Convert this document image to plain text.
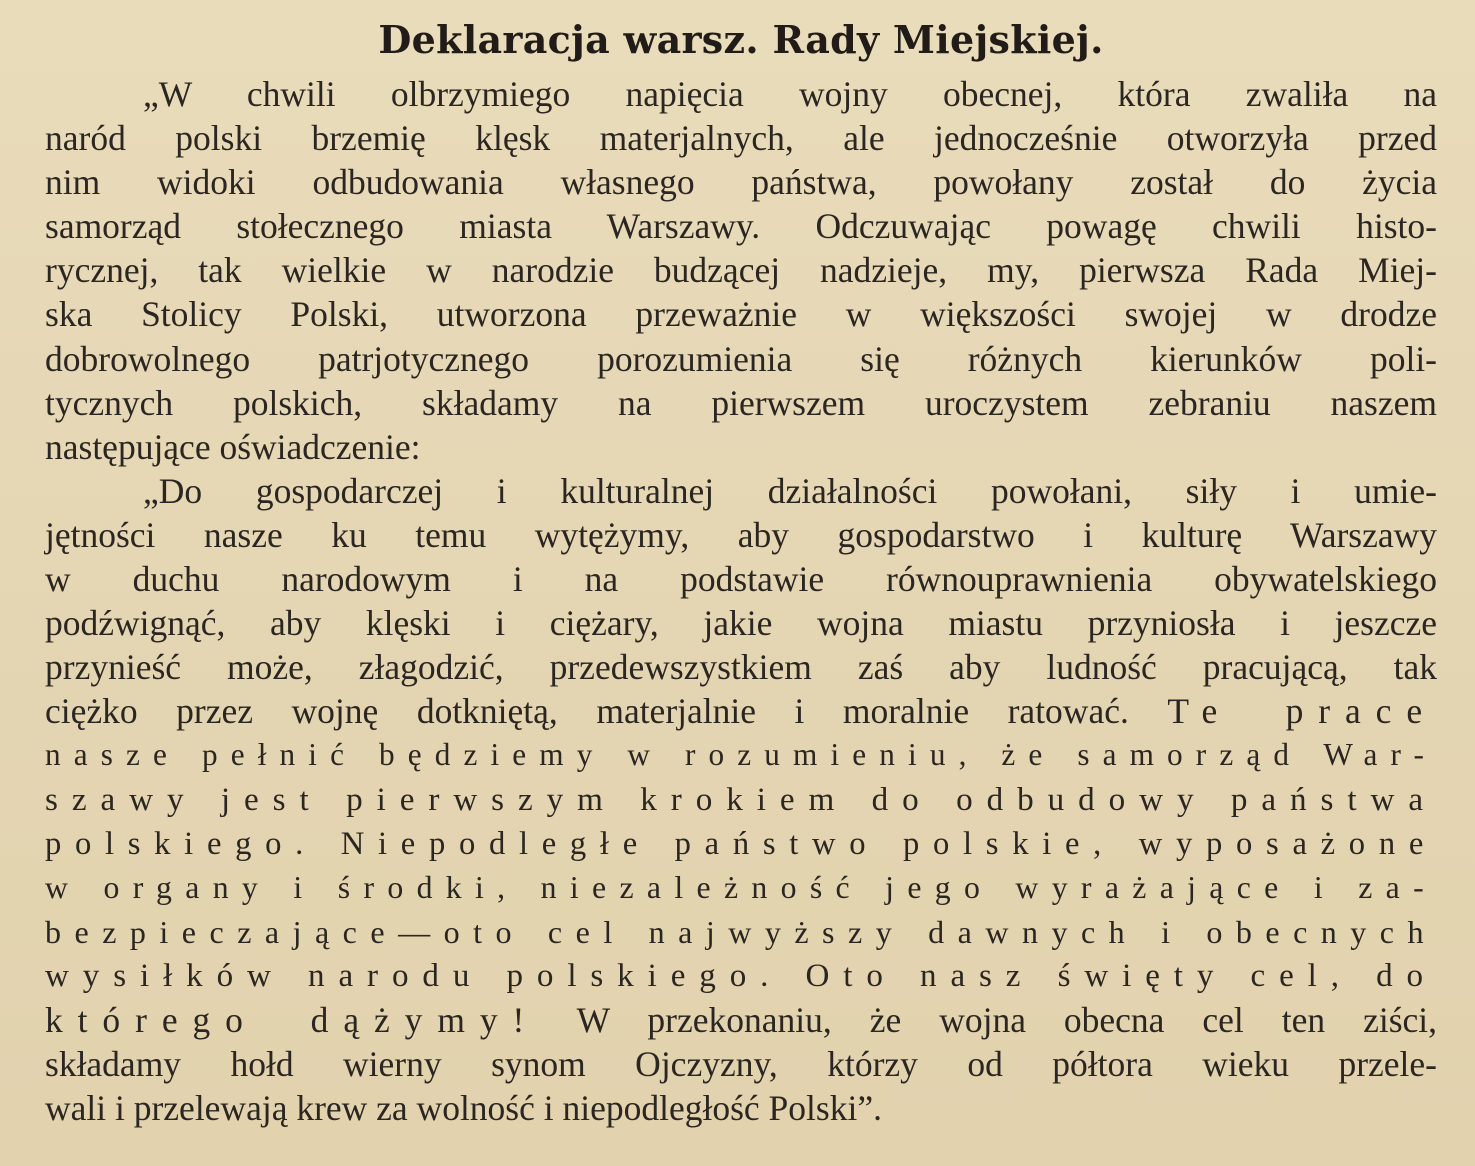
Deklaracja warsz. Rady Miejskiej.
„W chwili olbrzymiego napięcia wojny obecnej, która zwaliła na
naród polski brzemię klęsk materjalnych, ale jednocześnie otworzyła przed
nim widoki odbudowania własnego państwa, powołany został do życia
samorząd stołecznego miasta Warszawy. Odczuwając powagę chwili histo-
rycznej, tak wielkie w narodzie budzącej nadzieje, my, pierwsza Rada Miej-
ska Stolicy Polski, utworzona przeważnie w większości swojej w drodze
dobrowolnego patrjotycznego porozumienia się różnych kierunków poli-
tycznych polskich, składamy na pierwszem uroczystem zebraniu naszem
następujące oświadczenie:
„Do gospodarczej i kulturalnej działalności powołani, siły i umie-
jętności nasze ku temu wytężymy, aby gospodarstwo i kulturę Warszawy
w duchu narodowym i na podstawie równouprawnienia obywatelskiego
podźwignąć, aby klęski i ciężary, jakie wojna miastu przyniosła i jeszcze
przynieść może, złagodzić, przedewszystkiem zaś aby ludność pracującą, tak
ciężko przez wojnę dotkniętą, materjalnie i moralnie ratować. Te prace
nasze pełnić będziemy w rozumieniu, że samorząd War-
szawy jest pierwszym krokiem do odbudowy państwa
polskiego. Niepodległe państwo polskie, wyposażone
w organy i środki, niezależność jego wyrażające i za-
bezpieczające—oto cel najwyższy dawnych i obecnych
wysiłków narodu polskiego. Oto nasz święty cel, do
którego dążymy! W przekonaniu, że wojna obecna cel ten ziści,
składamy hołd wierny synom Ojczyzny, którzy od półtora wieku przele-
wali i przelewają krew za wolność i niepodległość Polski”.
